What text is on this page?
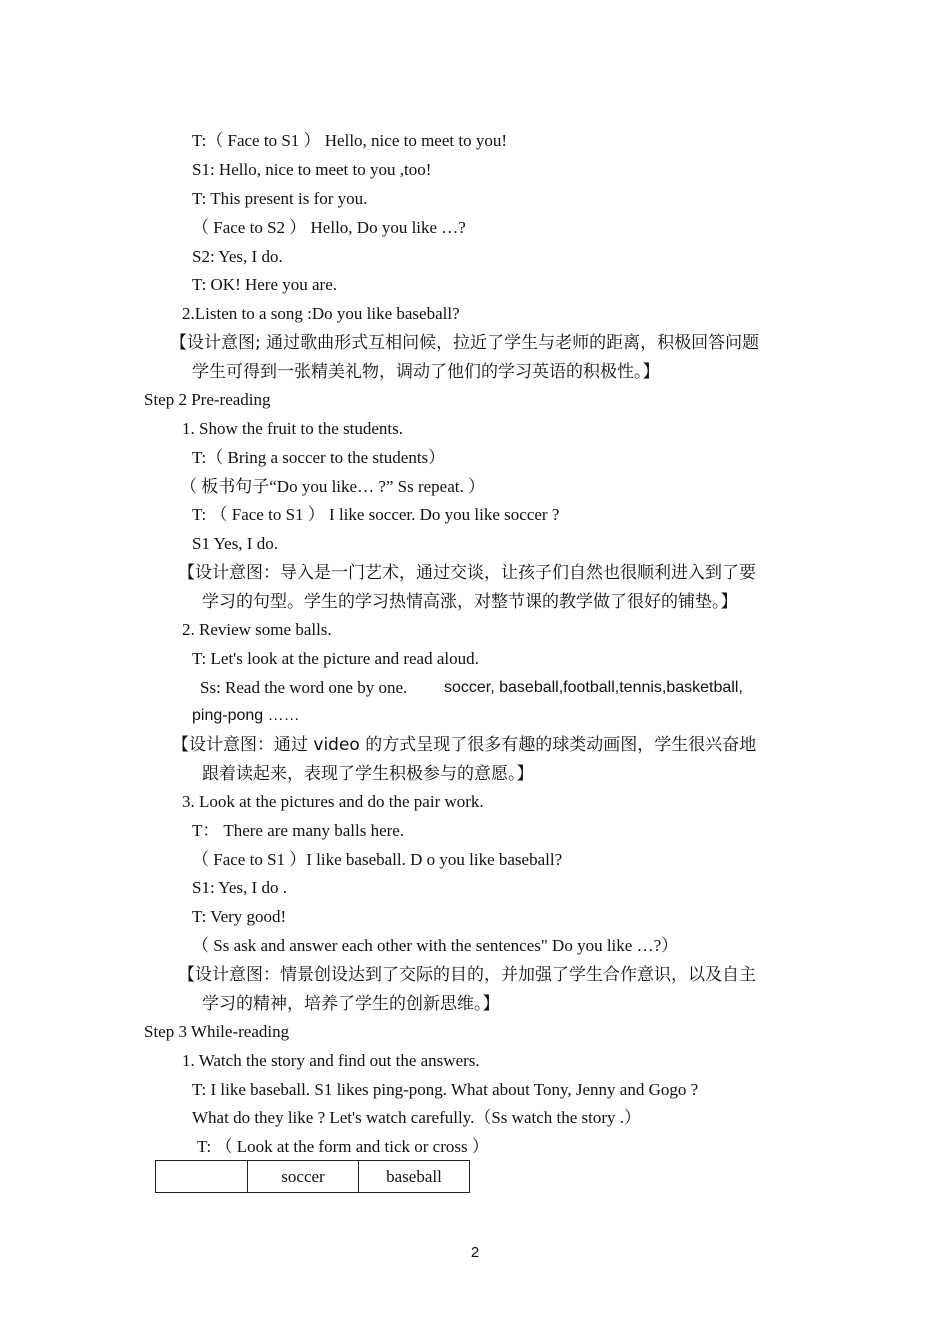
T:（ Face to S1 ） Hello, nice to meet to you!
S1: Hello, nice to meet to you ,too!
T: This present is for you.
（ Face to S2 ） Hello, Do you like …?
S2: Yes, I do.
T: OK! Here you are.
2.Listen to a song :Do you like baseball?
【设计意图; 通过歌曲形式互相问候，拉近了学生与老师的距离，积极回答问题
学生可得到一张精美礼物，调动了他们的学习英语的积极性。】
Step 2 Pre-reading
1. Show the fruit to the students.
T:（ Bring a soccer to the students）
（ 板书句子“Do you like… ?” Ss repeat. ）
T: （ Face to S1 ） I like soccer. Do you like soccer ?
S1 Yes, I do.
【设计意图：导入是一门艺术，通过交谈，让孩子们自然也很顺利进入到了要
学习的句型。学生的学习热情高涨，对整节课的教学做了很好的铺垫。】
2. Review some balls.
T: Let's look at the picture and read aloud.
Ss: Read the word one by one. soccer, baseball,football,tennis,basketball,
ping-pong ……
【设计意图：通过 video 的方式呈现了很多有趣的球类动画图，学生很兴奋地
跟着读起来，表现了学生积极参与的意愿。】
3. Look at the pictures and do the pair work.
T： There are many balls here.
（ Face to S1 ）I like baseball. D o you like baseball?
S1: Yes, I do .
T: Very good!
（ Ss ask and answer each other with the sentences" Do you like …?）
【设计意图：情景创设达到了交际的目的，并加强了学生合作意识，以及自主
学习的精神，培养了学生的创新思维。】
Step 3 While-reading
1. Watch the story and find out the answers.
T: I like baseball. S1 likes ping-pong. What about Tony, Jenny and Gogo ?
What do they like ? Let's watch carefully.（Ss watch the story .）
T: （ Look at the form and tick or cross ）
	soccer	baseball
2
